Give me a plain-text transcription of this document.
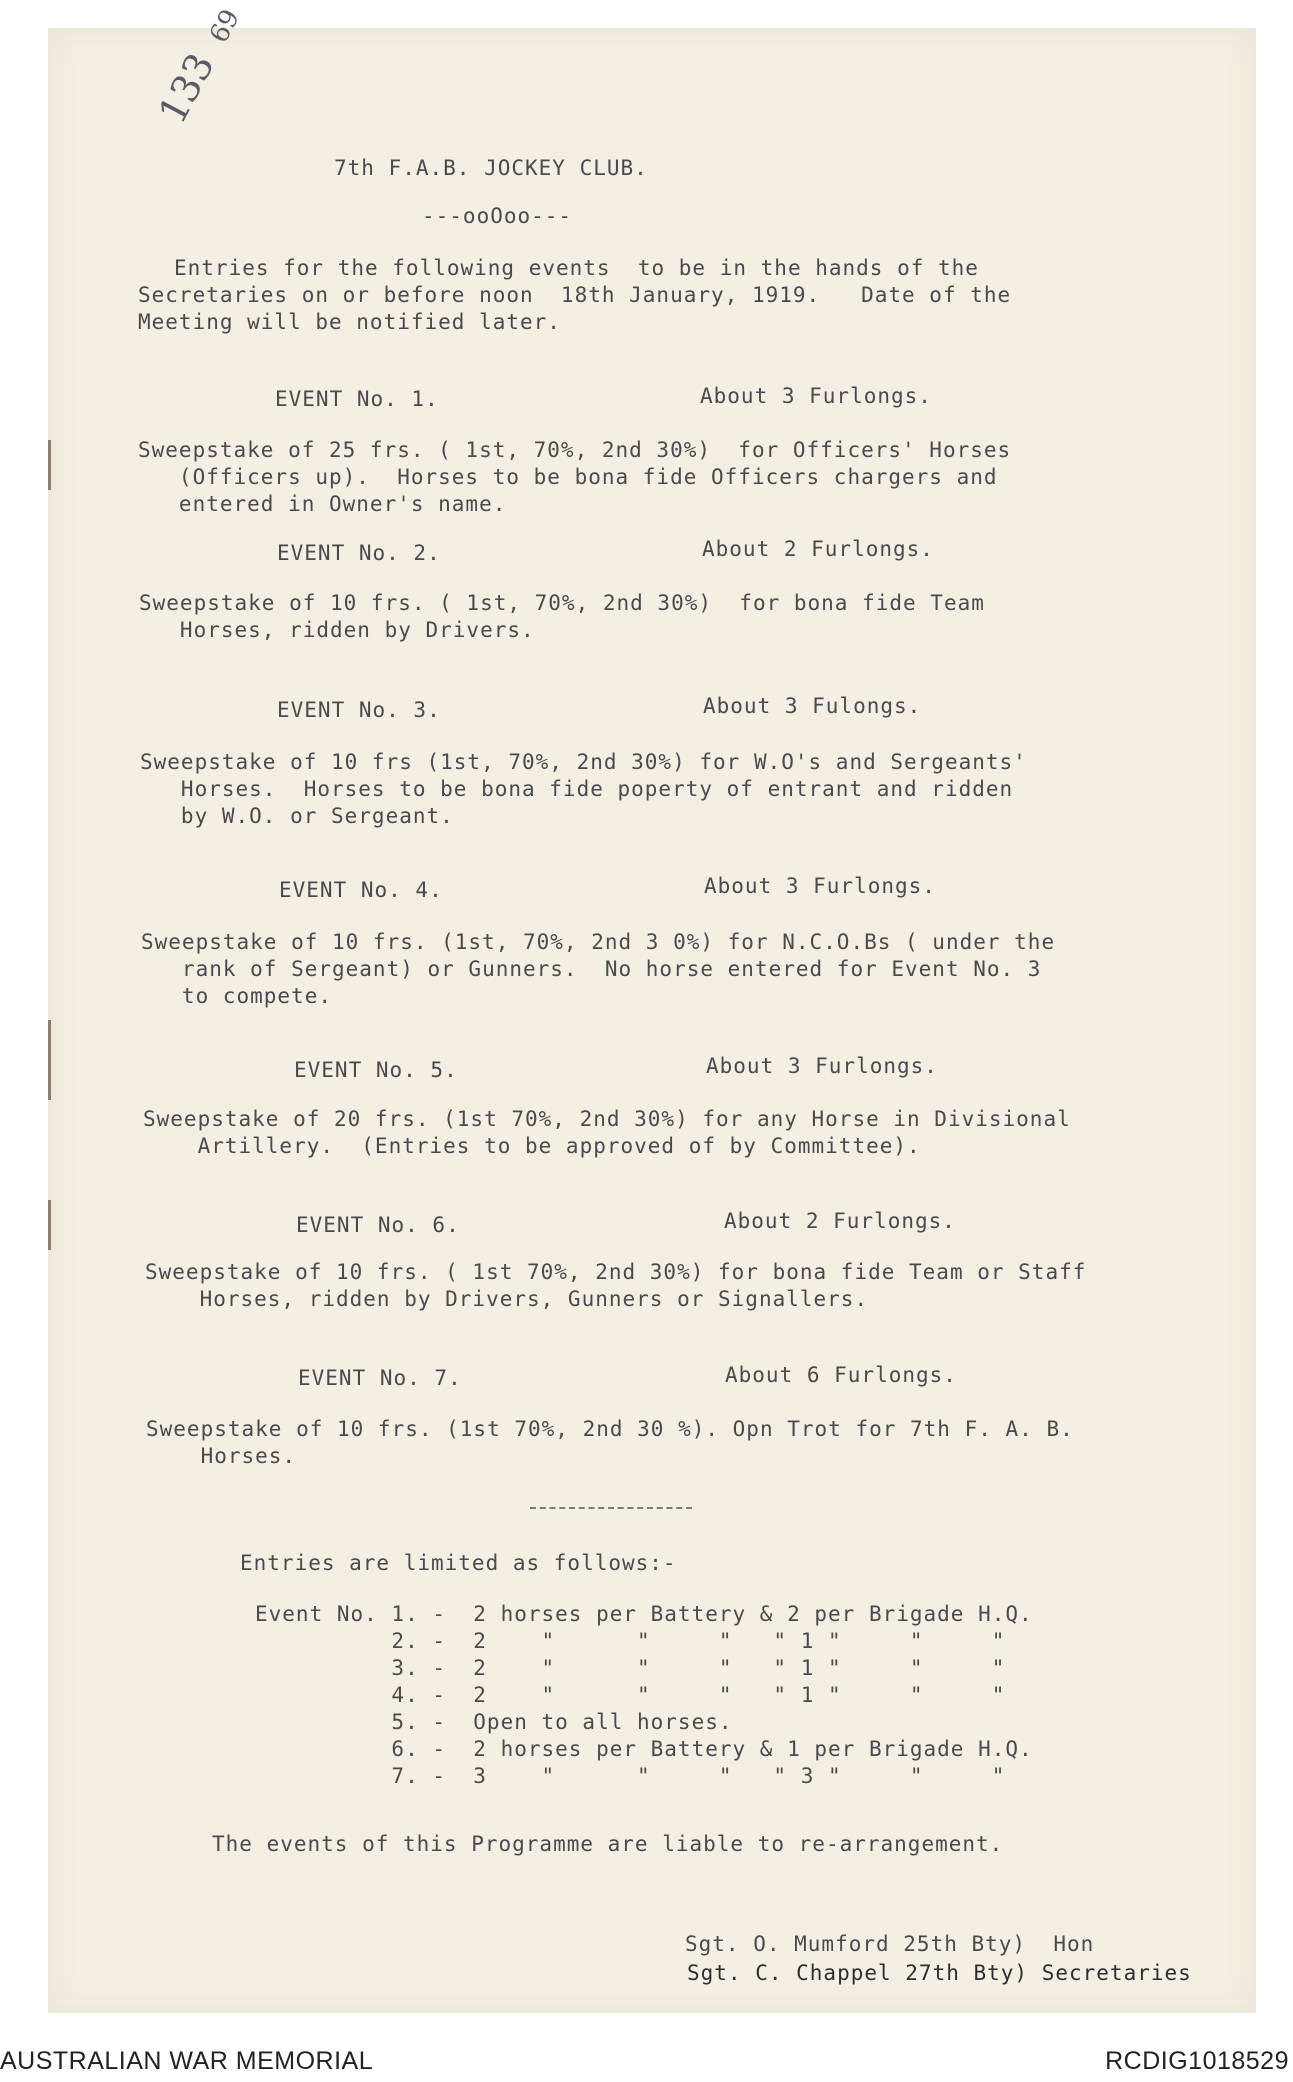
133 69
7th F.A.B. JOCKEY CLUB.
---ooOoo---
Entries for the following events  to be in the hands of the
Secretaries on or before noon  18th January, 1919.   Date of the
Meeting will be notified later.
EVENT No. 1.	About 3 Furlongs.
Sweepstake of 25 frs. ( 1st, 70%, 2nd 30%)  for Officers' Horses
(Officers up).  Horses to be bona fide Officers chargers and
entered in Owner's name.
EVENT No. 2.	About 2 Furlongs.
Sweepstake of 10 frs. ( 1st, 70%, 2nd 30%)  for bona fide Team
Horses, ridden by Drivers.
EVENT No. 3.	About 3 Fulongs.
Sweepstake of 10 frs (1st, 70%, 2nd 30%) for W.O's and Sergeants'
Horses.  Horses to be bona fide poperty of entrant and ridden
by W.O. or Sergeant.
EVENT No. 4.	About 3 Furlongs.
Sweepstake of 10 frs. (1st, 70%, 2nd 3 0%) for N.C.O.Bs ( under the
rank of Sergeant) or Gunners.  No horse entered for Event No. 3
to compete.
EVENT No. 5.	About 3 Furlongs.
Sweepstake of 20 frs. (1st 70%, 2nd 30%) for any Horse in Divisional
Artillery.  (Entries to be approved of by Committee).
EVENT No. 6.	About 2 Furlongs.
Sweepstake of 10 frs. ( 1st 70%, 2nd 30%) for bona fide Team or Staff
Horses, ridden by Drivers, Gunners or Signallers.
EVENT No. 7.	About 6 Furlongs.
Sweepstake of 10 frs. (1st 70%, 2nd 30 %). Opn Trot for 7th F. A. B.
Horses.
Entries are limited as follows:-
Event No. 1. -  2 horses per Battery & 2 per Brigade H.Q.
2. -  2    "      "     "   " 1 "     "     "
3. -  2    "      "     "   " 1 "     "     "
4. -  2    "      "     "   " 1 "     "     "
5. -  Open to all horses.
6. -  2 horses per Battery & 1 per Brigade H.Q.
7. -  3    "      "     "   " 3 "     "     "
The events of this Programme are liable to re-arrangement.
Sgt. O. Mumford 25th Bty)  Hon
Sgt. C. Chappel 27th Bty) Secretaries
AUSTRALIAN WAR MEMORIAL	RCDIG1018529
